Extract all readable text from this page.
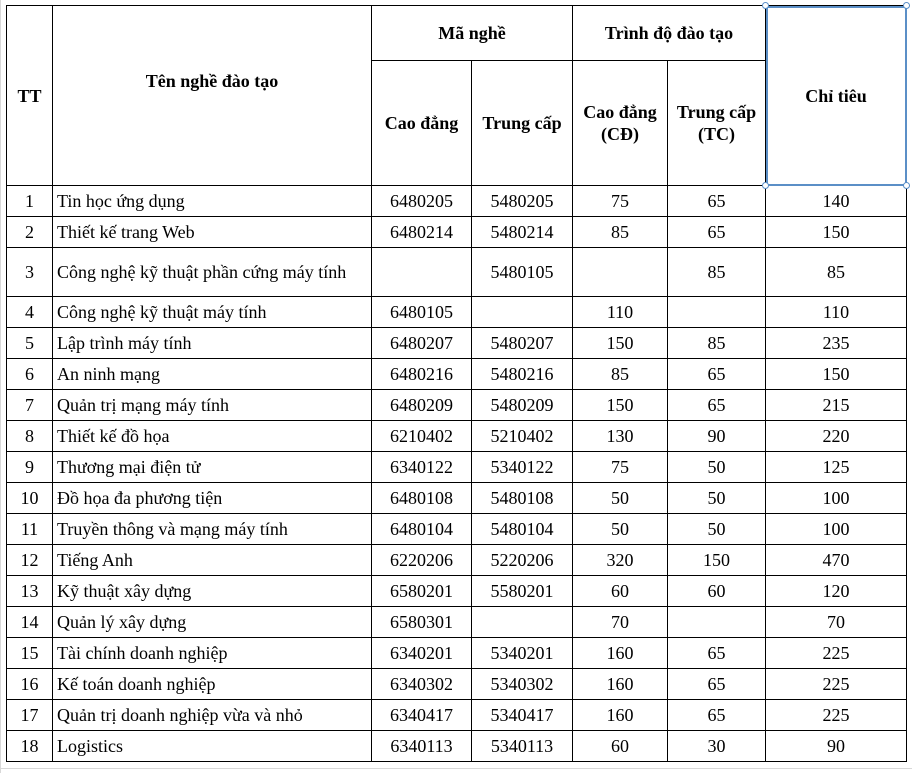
TT	Tên nghề đào tạo	Mã nghề		Trình độ đào tạo		Chỉ tiêu

		Cao đẳng	Trung cấp	Cao đẳng (CĐ)	Trung cấp (TC)	
1	Tin học ứng dụng	6480205	5480205	75	65	140
2	Thiết kế trang Web	6480214	5480214	85	65	150
3	Công nghệ kỹ thuật phần cứng máy tính		5480105		85	85
4	Công nghệ kỹ thuật máy tính	6480105		110		110
5	Lập trình máy tính	6480207	5480207	150	85	235
6	An ninh mạng	6480216	5480216	85	65	150
7	Quản trị mạng máy tính	6480209	5480209	150	65	215
8	Thiết kế đồ họa	6210402	5210402	130	90	220
9	Thương mại điện tử	6340122	5340122	75	50	125
10	Đồ họa đa phương tiện	6480108	5480108	50	50	100
11	Truyền thông và mạng máy tính	6480104	5480104	50	50	100
12	Tiếng Anh	6220206	5220206	320	150	470
13	Kỹ thuật xây dựng	6580201	5580201	60	60	120
14	Quản lý xây dựng	6580301		70		70
15	Tài chính doanh nghiệp	6340201	5340201	160	65	225
16	Kế toán doanh nghiệp	6340302	5340302	160	65	225
17	Quản trị doanh nghiệp vừa và nhỏ	6340417	5340417	160	65	225
18	Logistics	6340113	5340113	60	30	90
